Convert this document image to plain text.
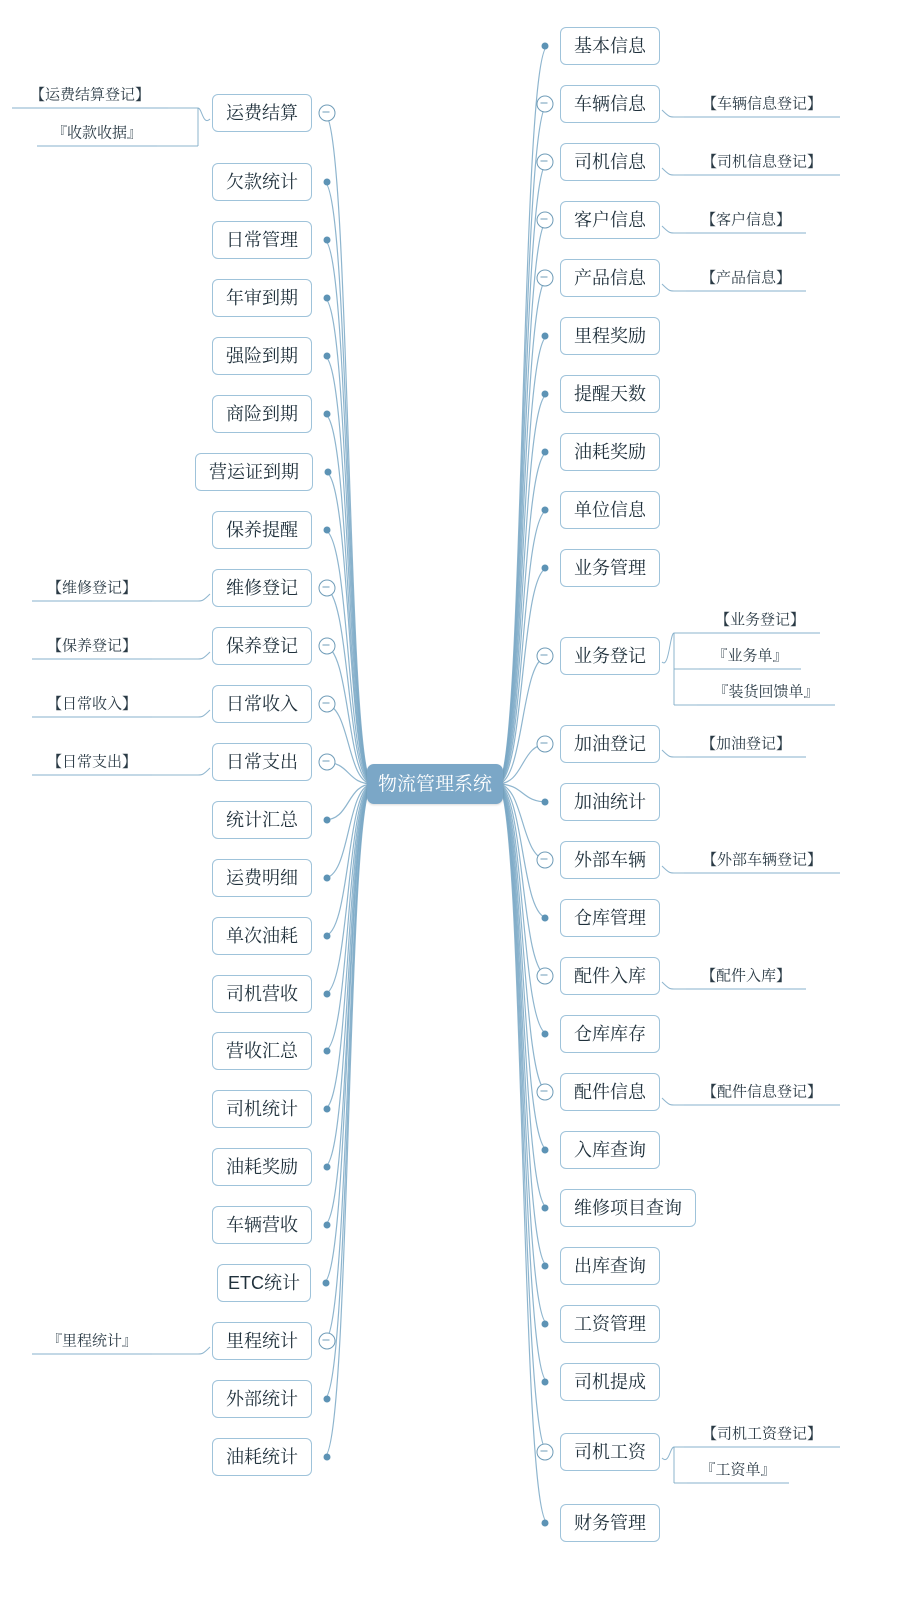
物流管理系统
基本信息
车辆信息	【车辆信息登记】
司机信息	【司机信息登记】
客户信息	【客户信息】
产品信息	【产品信息】
里程奖励
提醒天数
油耗奖励
单位信息
业务管理
业务登记
【业务登记】
『业务单』
『装货回馈单』
加油登记	【加油登记】
加油统计
外部车辆	【外部车辆登记】
仓库管理
配件入库	【配件入库】
仓库库存
配件信息	【配件信息登记】
入库查询
维修项目查询
出库查询
工资管理
司机提成
司机工资
【司机工资登记】
『工资单』
财务管理
运费结算
【运费结算登记】
『收款收据』
欠款统计
日常管理
年审到期
强险到期
商险到期
营运证到期
保养提醒
维修登记
【维修登记】
保养登记
【保养登记】
日常收入
【日常收入】
日常支出
【日常支出】
统计汇总
运费明细
单次油耗
司机营收
营收汇总
司机统计
油耗奖励
车辆营收
ETC统计
里程统计
『里程统计』
外部统计
油耗统计
